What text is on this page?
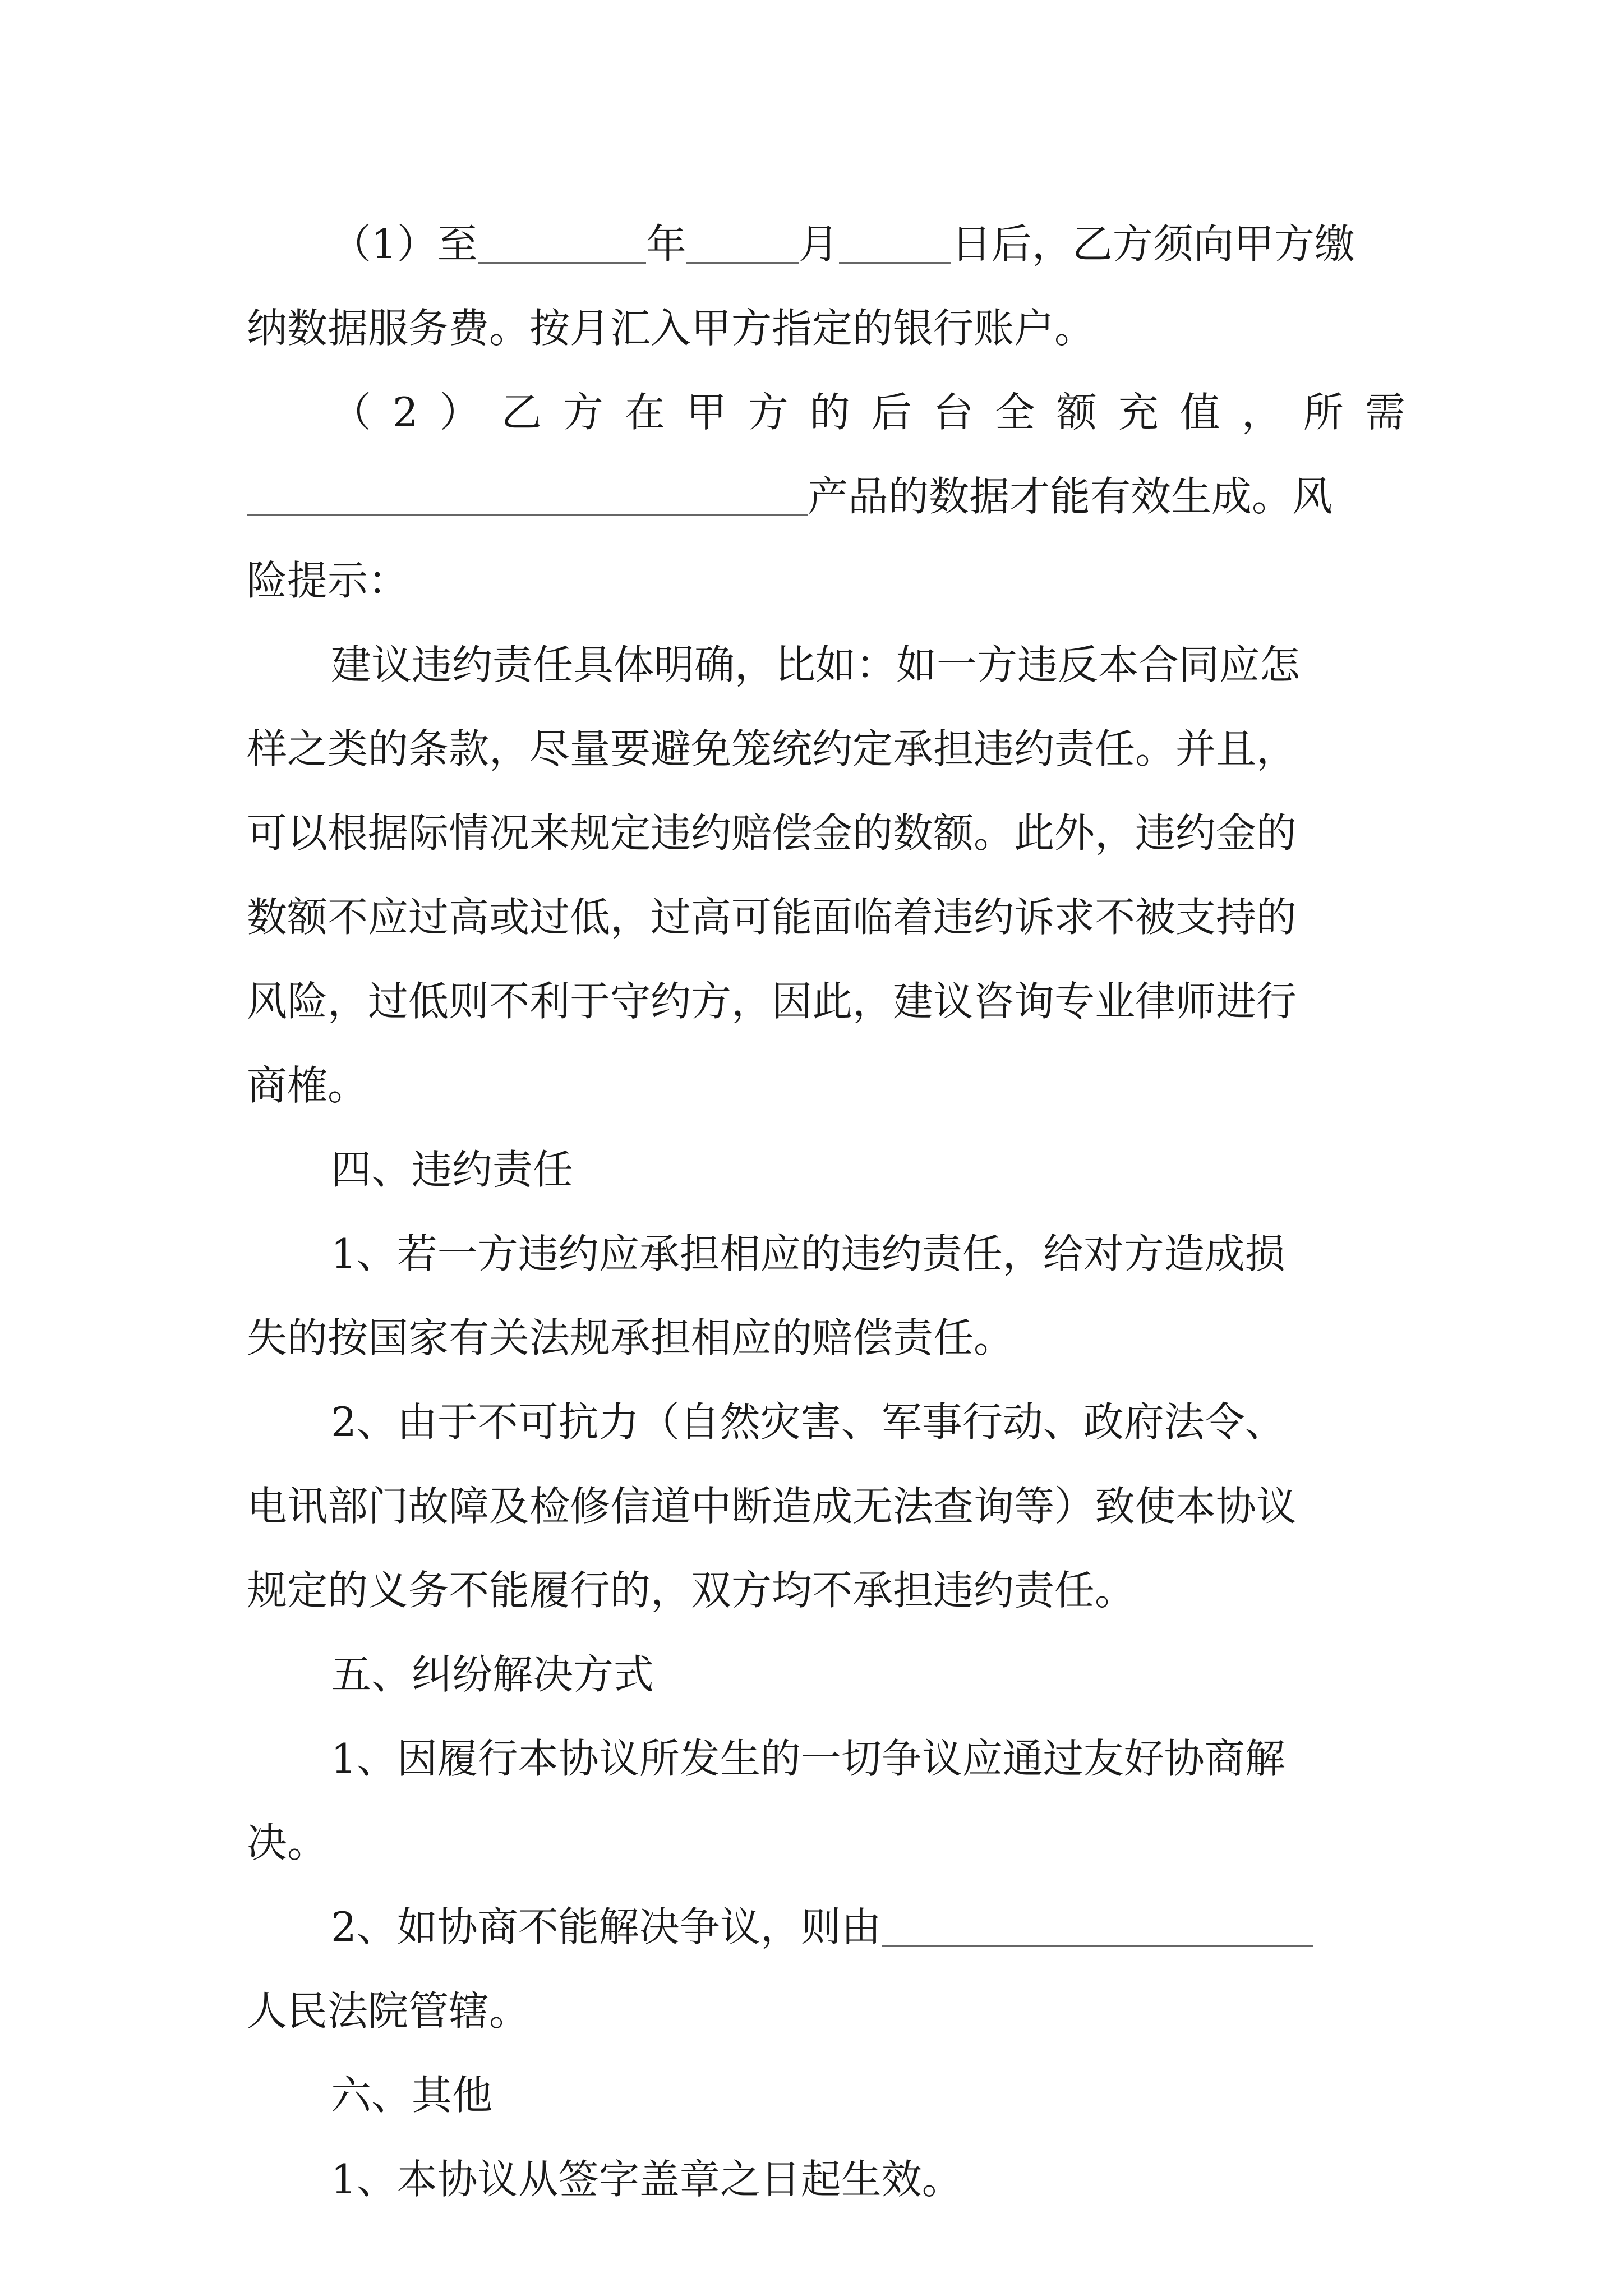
（1）至	年	月	日后，乙方须向甲方缴
纳数据服务费。按月汇入甲方指定的银行账户。
（2）乙方在甲方的后台全额充值，所需
产品的数据才能有效生成。风
险提示：
建议违约责任具体明确，比如：如一方违反本合同应怎
样之类的条款，尽量要避免笼统约定承担违约责任。并且，
可以根据际情况来规定违约赔偿金的数额。此外，违约金的
数额不应过高或过低，过高可能面临着违约诉求不被支持的
风险，过低则不利于守约方，因此，建议咨询专业律师进行
商榷。
四、违约责任
1、若一方违约应承担相应的违约责任，给对方造成损
失的按国家有关法规承担相应的赔偿责任。
2、由于不可抗力（自然灾害、军事行动、政府法令、
电讯部门故障及检修信道中断造成无法查询等）致使本协议
规定的义务不能履行的，双方均不承担违约责任。
五、纠纷解决方式
1、因履行本协议所发生的一切争议应通过友好协商解
决。
2、如协商不能解决争议，则由
人民法院管辖。
六、其他
1、本协议从签字盖章之日起生效。
